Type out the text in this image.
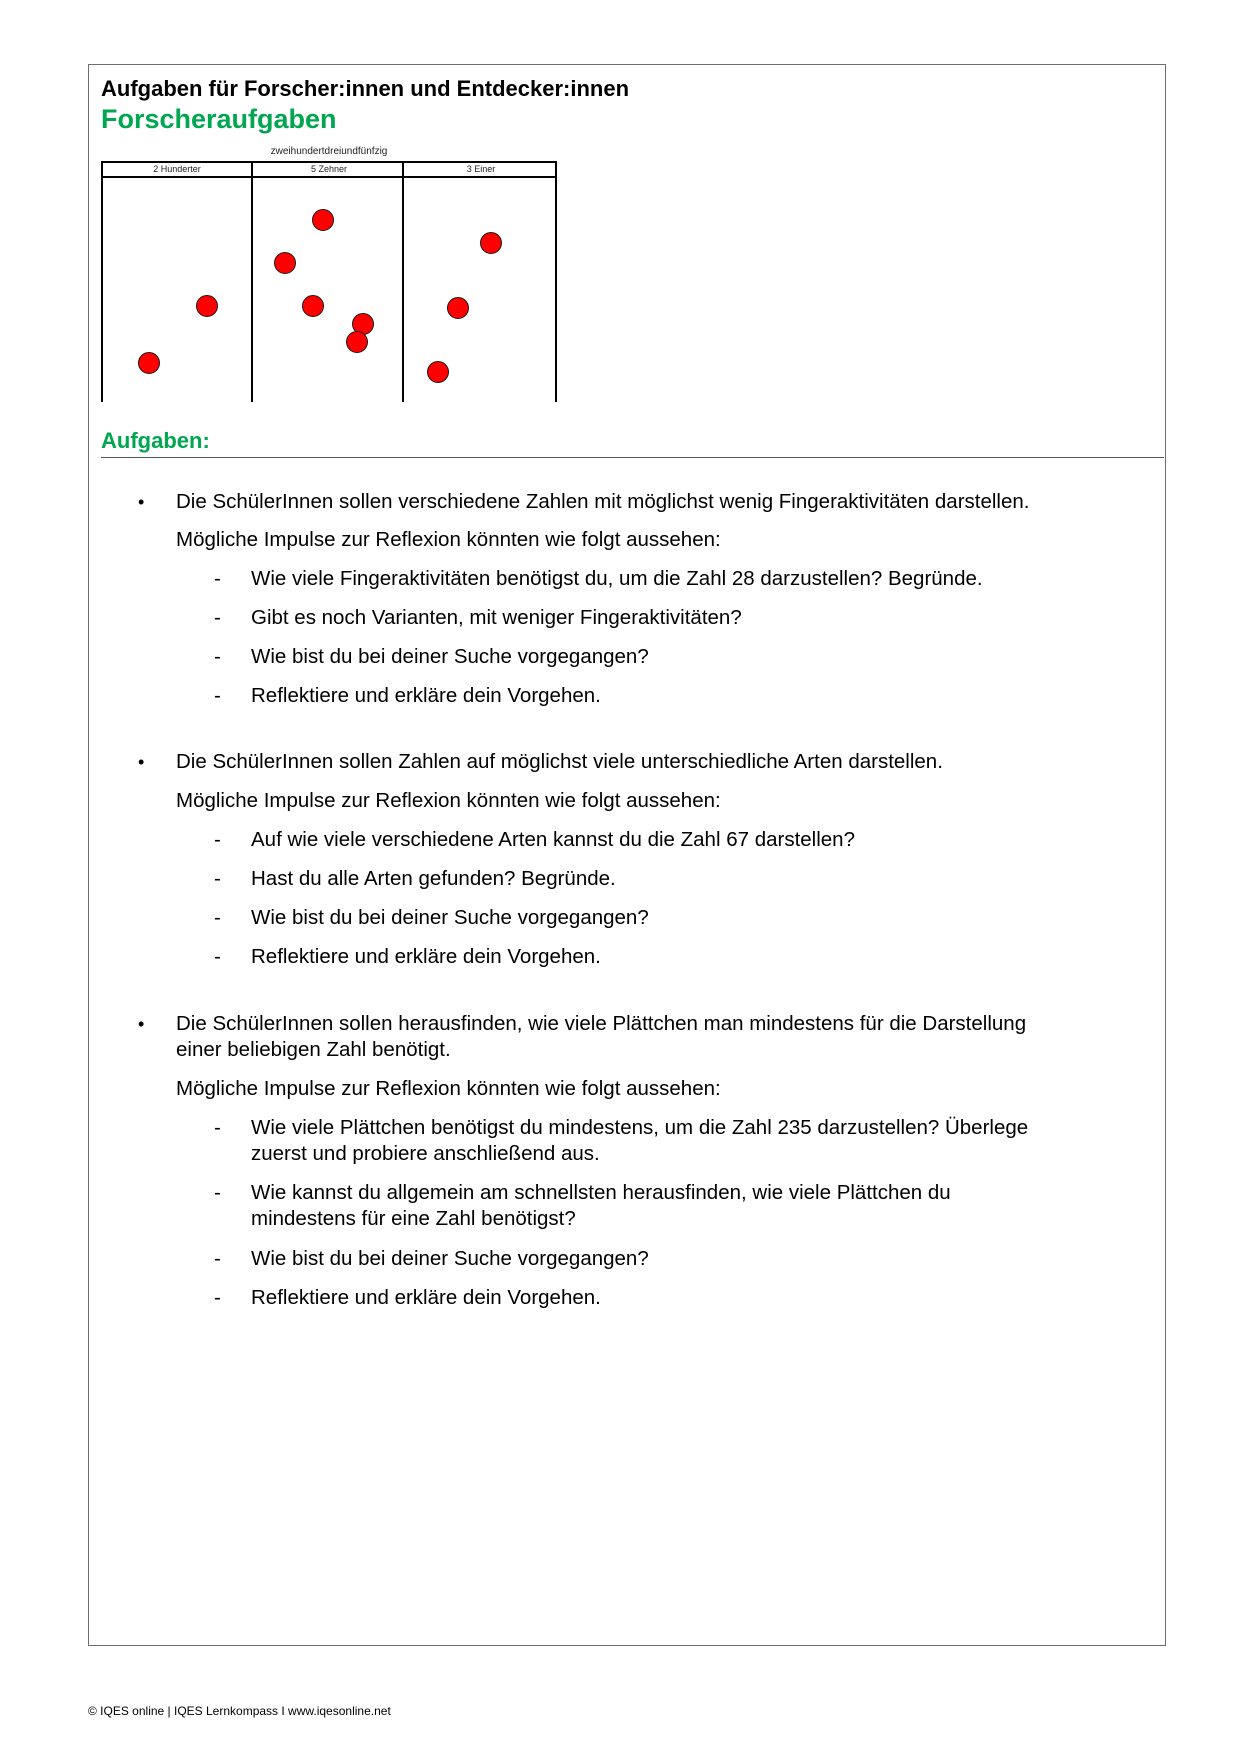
Aufgaben für Forscher:innen und Entdecker:innen
Forscheraufgaben
zweihundertdreiundfünfzig
2 Hunderter	5 Zehner	3 Einer
Aufgaben:
• Die SchülerInnen sollen verschiedene Zahlen mit möglichst wenig Fingeraktivitäten darstellen.
Mögliche Impulse zur Reflexion könnten wie folgt aussehen:
- Wie viele Fingeraktivitäten benötigst du, um die Zahl 28 darzustellen? Begründe.
- Gibt es noch Varianten, mit weniger Fingeraktivitäten?
- Wie bist du bei deiner Suche vorgegangen?
- Reflektiere und erkläre dein Vorgehen.
• Die SchülerInnen sollen Zahlen auf möglichst viele unterschiedliche Arten darstellen.
Mögliche Impulse zur Reflexion könnten wie folgt aussehen:
- Auf wie viele verschiedene Arten kannst du die Zahl 67 darstellen?
- Hast du alle Arten gefunden? Begründe.
- Wie bist du bei deiner Suche vorgegangen?
- Reflektiere und erkläre dein Vorgehen.
• Die SchülerInnen sollen herausfinden, wie viele Plättchen man mindestens für die Darstellung
einer beliebigen Zahl benötigt.
Mögliche Impulse zur Reflexion könnten wie folgt aussehen:
- Wie viele Plättchen benötigst du mindestens, um die Zahl 235 darzustellen? Überlege
zuerst und probiere anschließend aus.
- Wie kannst du allgemein am schnellsten herausfinden, wie viele Plättchen du
mindestens für eine Zahl benötigst?
- Wie bist du bei deiner Suche vorgegangen?
- Reflektiere und erkläre dein Vorgehen.
© IQES online | IQES Lernkompass I www.iqesonline.net
